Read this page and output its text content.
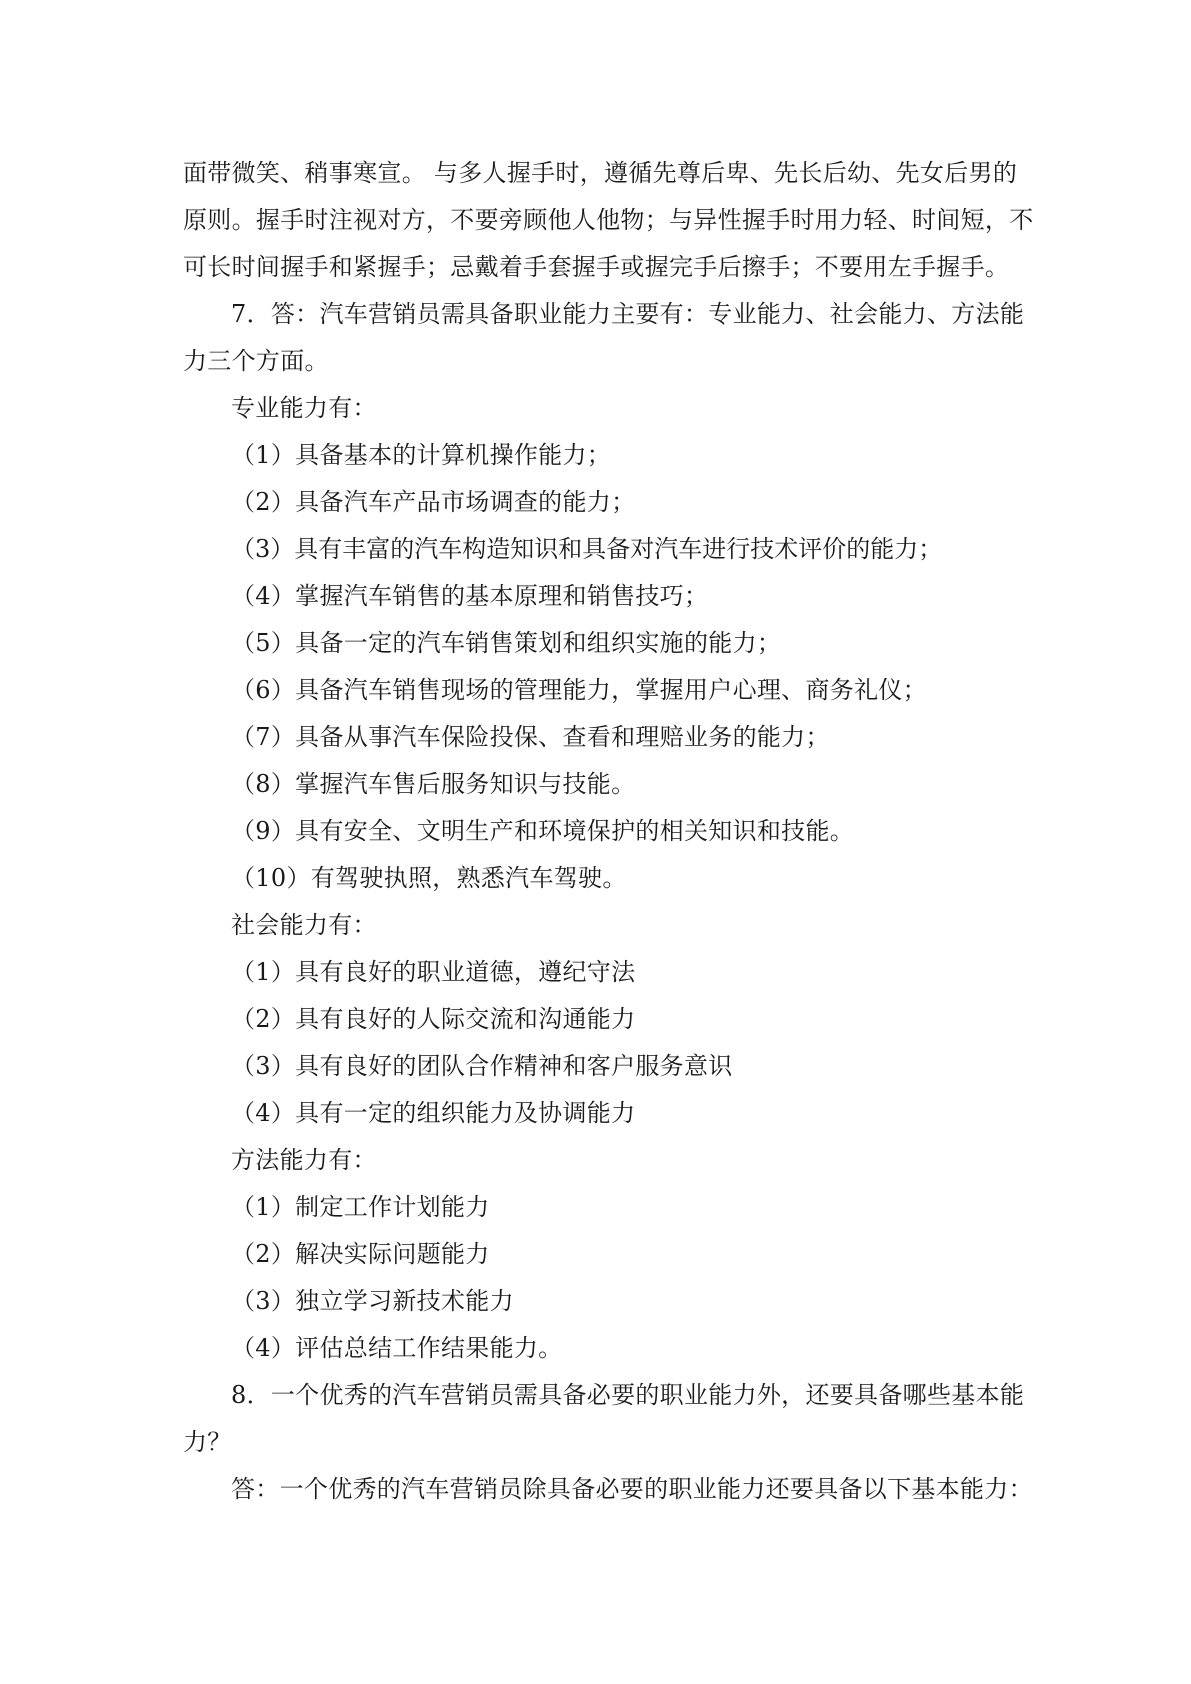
面带微笑、稍事寒宣。 与多人握手时，遵循先尊后卑、先长后幼、先女后男的
原则。握手时注视对方，不要旁顾他人他物；与异性握手时用力轻、时间短，不
可长时间握手和紧握手；忌戴着手套握手或握完手后擦手；不要用左手握手。
7．答：汽车营销员需具备职业能力主要有：专业能力、社会能力、方法能
力三个方面。
专业能力有：
（1）具备基本的计算机操作能力；
（2）具备汽车产品市场调查的能力；
（3）具有丰富的汽车构造知识和具备对汽车进行技术评价的能力；
（4）掌握汽车销售的基本原理和销售技巧；
（5）具备一定的汽车销售策划和组织实施的能力；
（6）具备汽车销售现场的管理能力，掌握用户心理、商务礼仪；
（7）具备从事汽车保险投保、查看和理赔业务的能力；
（8）掌握汽车售后服务知识与技能。
（9）具有安全、文明生产和环境保护的相关知识和技能。
（10）有驾驶执照，熟悉汽车驾驶。
社会能力有：
（1）具有良好的职业道德，遵纪守法
（2）具有良好的人际交流和沟通能力
（3）具有良好的团队合作精神和客户服务意识
（4）具有一定的组织能力及协调能力
方法能力有：
（1）制定工作计划能力
（2）解决实际问题能力
（3）独立学习新技术能力
（4）评估总结工作结果能力。
8．一个优秀的汽车营销员需具备必要的职业能力外，还要具备哪些基本能
力？
答：一个优秀的汽车营销员除具备必要的职业能力还要具备以下基本能力：
